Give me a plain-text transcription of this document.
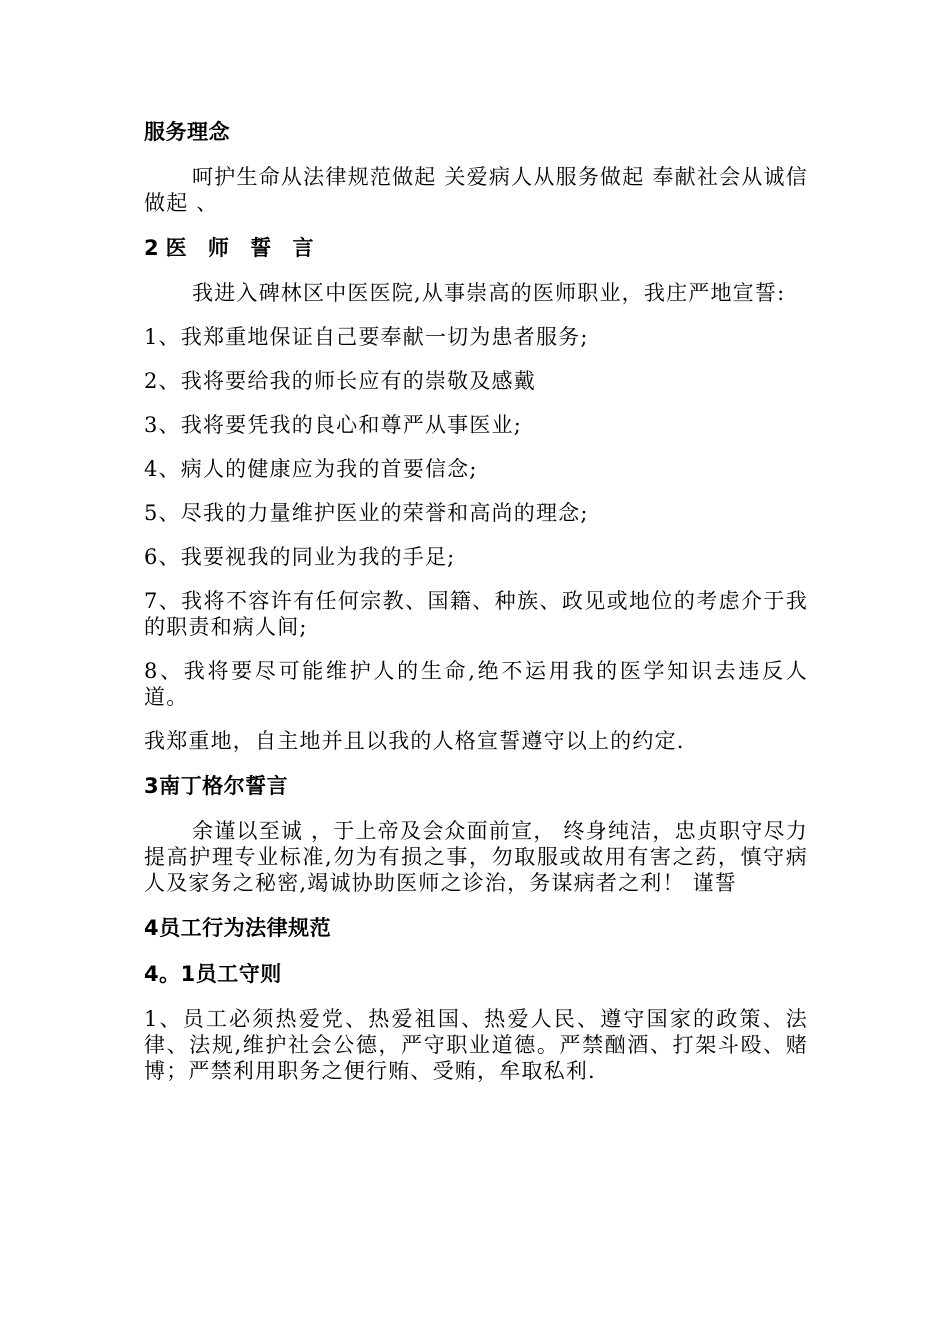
服务理念
呵护生命从法律规范做起 关爱病人从服务做起 奉献社会从诚信做起 、
2医 师 誓 言
我进入碑林区中医医院,从事崇高的医师职业，我庄严地宣誓:
1、我郑重地保证自己要奉献一切为患者服务;
2、我将要给我的师长应有的崇敬及感戴
3、我将要凭我的良心和尊严从事医业;
4、病人的健康应为我的首要信念;
5、尽我的力量维护医业的荣誉和高尚的理念;
6、我要视我的同业为我的手足;
7、我将不容许有任何宗教、国籍、种族、政见或地位的考虑介于我的职责和病人间;
8、我将要尽可能维护人的生命,绝不运用我的医学知识去违反人道。
我郑重地，自主地并且以我的人格宣誓遵守以上的约定.
3南丁格尔誓言
余谨以至诚 ，于上帝及会众面前宣， 终身纯洁，忠贞职守尽力提高护理专业标准,勿为有损之事，勿取服或故用有害之药，慎守病人及家务之秘密,竭诚协助医师之诊治，务谋病者之利！ 谨誓
4员工行为法律规范
4。1员工守则
1、员工必须热爱党、热爱祖国、热爱人民、遵守国家的政策、法律、法规,维护社会公德，严守职业道德。严禁酗酒、打架斗殴、赌博；严禁利用职务之便行贿、受贿，牟取私利.
